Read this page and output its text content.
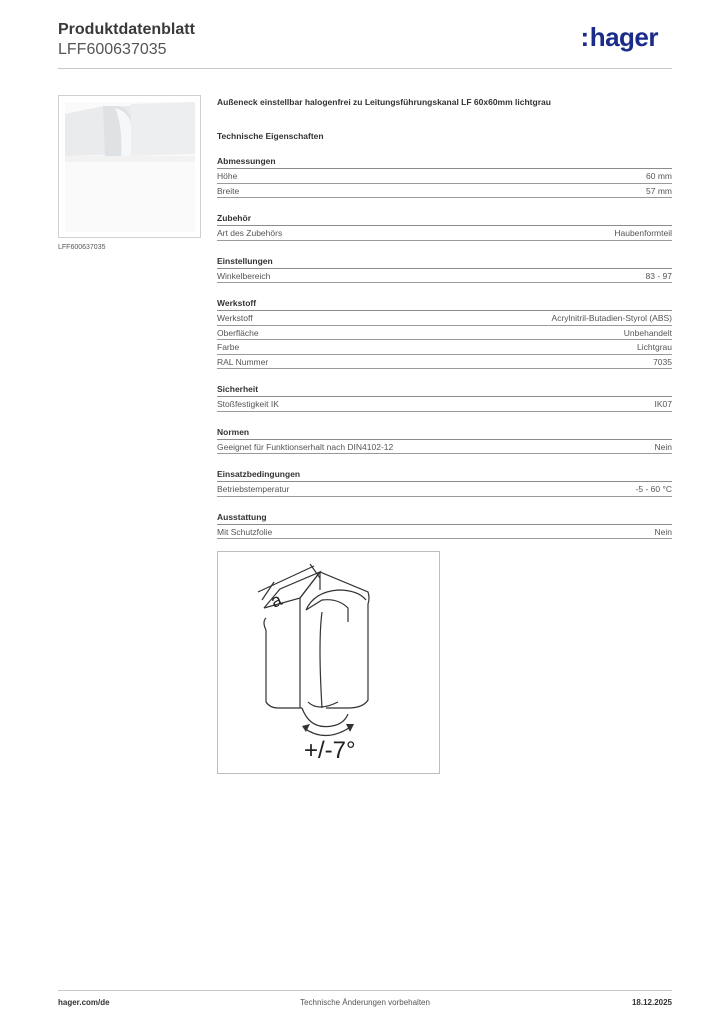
Produktdatenblatt
LFF600637035	:hager
LFF600637035
Außeneck einstellbar halogenfrei zu Leitungsführungskanal LF 60x60mm lichtgrau
Technische Eigenschaften
Abmessungen
Höhe	60 mm
Breite	57 mm
Zubehör
Art des Zubehörs	Haubenformteil
Einstellungen
Winkelbereich	83 - 97
Werkstoff
Werkstoff	Acrylnitril-Butadien-Styrol (ABS)
Oberfläche	Unbehandelt
Farbe	Lichtgrau
RAL Nummer	7035
Sicherheit
Stoßfestigkeit IK	IK07
Normen
Geeignet für Funktionserhalt nach DIN4102-12	Nein
Einsatzbedingungen
Betriebstemperatur	-5 - 60 °C
Ausstattung
Mit Schutzfolie	Nein
a
+/-7°
hager.com/de	Technische Änderungen vorbehalten	18.12.2025
